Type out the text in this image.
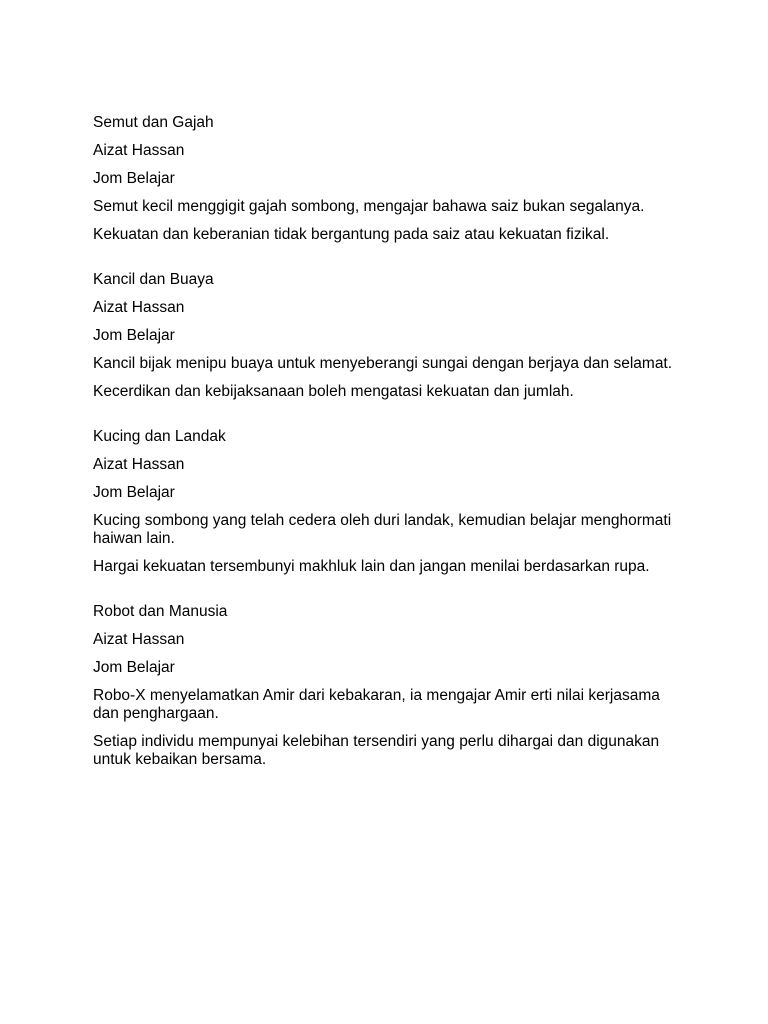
Semut dan Gajah

Aizat Hassan

Jom Belajar

Semut kecil menggigit gajah sombong, mengajar bahawa saiz bukan segalanya.

Kekuatan dan keberanian tidak bergantung pada saiz atau kekuatan fizikal.

Kancil dan Buaya

Aizat Hassan

Jom Belajar

Kancil bijak menipu buaya untuk menyeberangi sungai dengan berjaya dan selamat.

Kecerdikan dan kebijaksanaan boleh mengatasi kekuatan dan jumlah.

Kucing dan Landak

Aizat Hassan

Jom Belajar

Kucing sombong yang telah cedera oleh duri landak, kemudian belajar menghormati haiwan lain.

Hargai kekuatan tersembunyi makhluk lain dan jangan menilai berdasarkan rupa.

Robot dan Manusia

Aizat Hassan

Jom Belajar

Robo-X menyelamatkan Amir dari kebakaran, ia mengajar Amir erti nilai kerjasama dan penghargaan.

Setiap individu mempunyai kelebihan tersendiri yang perlu dihargai dan digunakan untuk kebaikan bersama.
